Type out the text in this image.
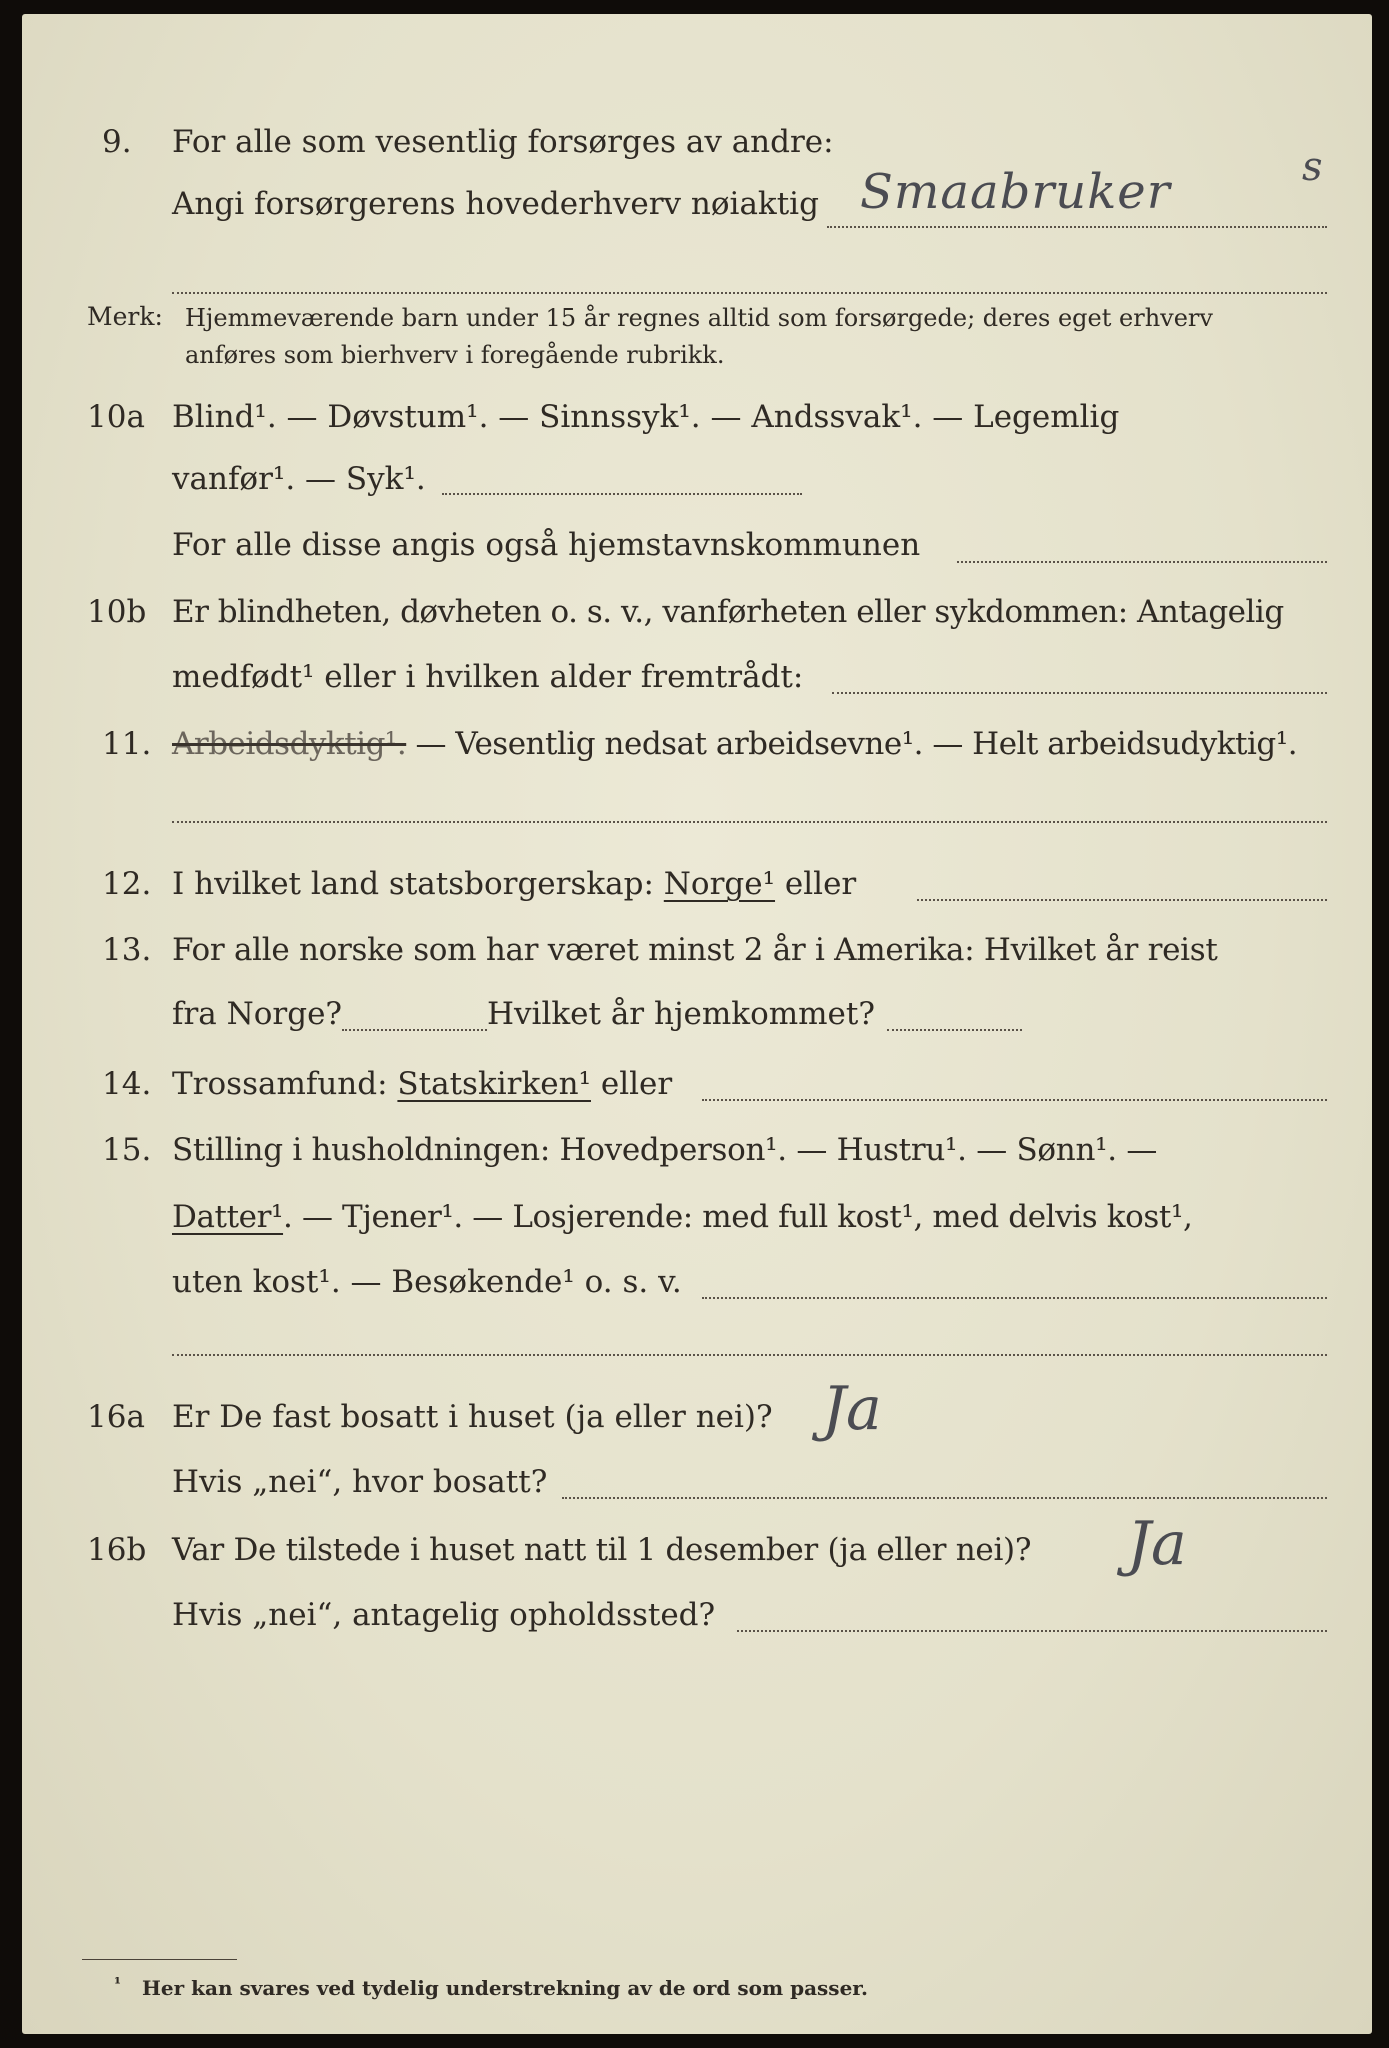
9. For alle som vesentlig forsørges av andre:
Angi forsørgerens hovederhverv nøiaktig Smaabruker	s
Merk: Hjemmeværende barn under 15 år regnes alltid som forsørgede; deres eget erhverv
anføres som bierhverv i foregående rubrikk.
10a Blind¹. — Døvstum¹. — Sinnssyk¹. — Andssvak¹. — Legemlig
vanfør¹. — Syk¹.
For alle disse angis også hjemstavnskommunen
10b Er blindheten, døvheten o. s. v., vanførheten eller sykdommen: Antagelig
medfødt¹ eller i hvilken alder fremtrådt:
11. Arbeidsdyktig¹. — Vesentlig nedsat arbeidsevne¹. — Helt arbeidsudyktig¹.
12. I hvilket land statsborgerskap: Norge¹ eller
13. For alle norske som har været minst 2 år i Amerika: Hvilket år reist
fra Norge?	Hvilket år hjemkommet?
14. Trossamfund: Statskirken¹ eller
15. Stilling i husholdningen: Hovedperson¹. — Hustru¹. — Sønn¹. —
Datter¹. — Tjener¹. — Losjerende: med full kost¹, med delvis kost¹,
uten kost¹. — Besøkende¹ o. s. v.
16a Er De fast bosatt i huset (ja eller nei)? Ja
Hvis „nei“, hvor bosatt?
16b Var De tilstede i huset natt til 1 desember (ja eller nei)? Ja
Hvis „nei“, antagelig opholdssted?
¹ Her kan svares ved tydelig understrekning av de ord som passer.
